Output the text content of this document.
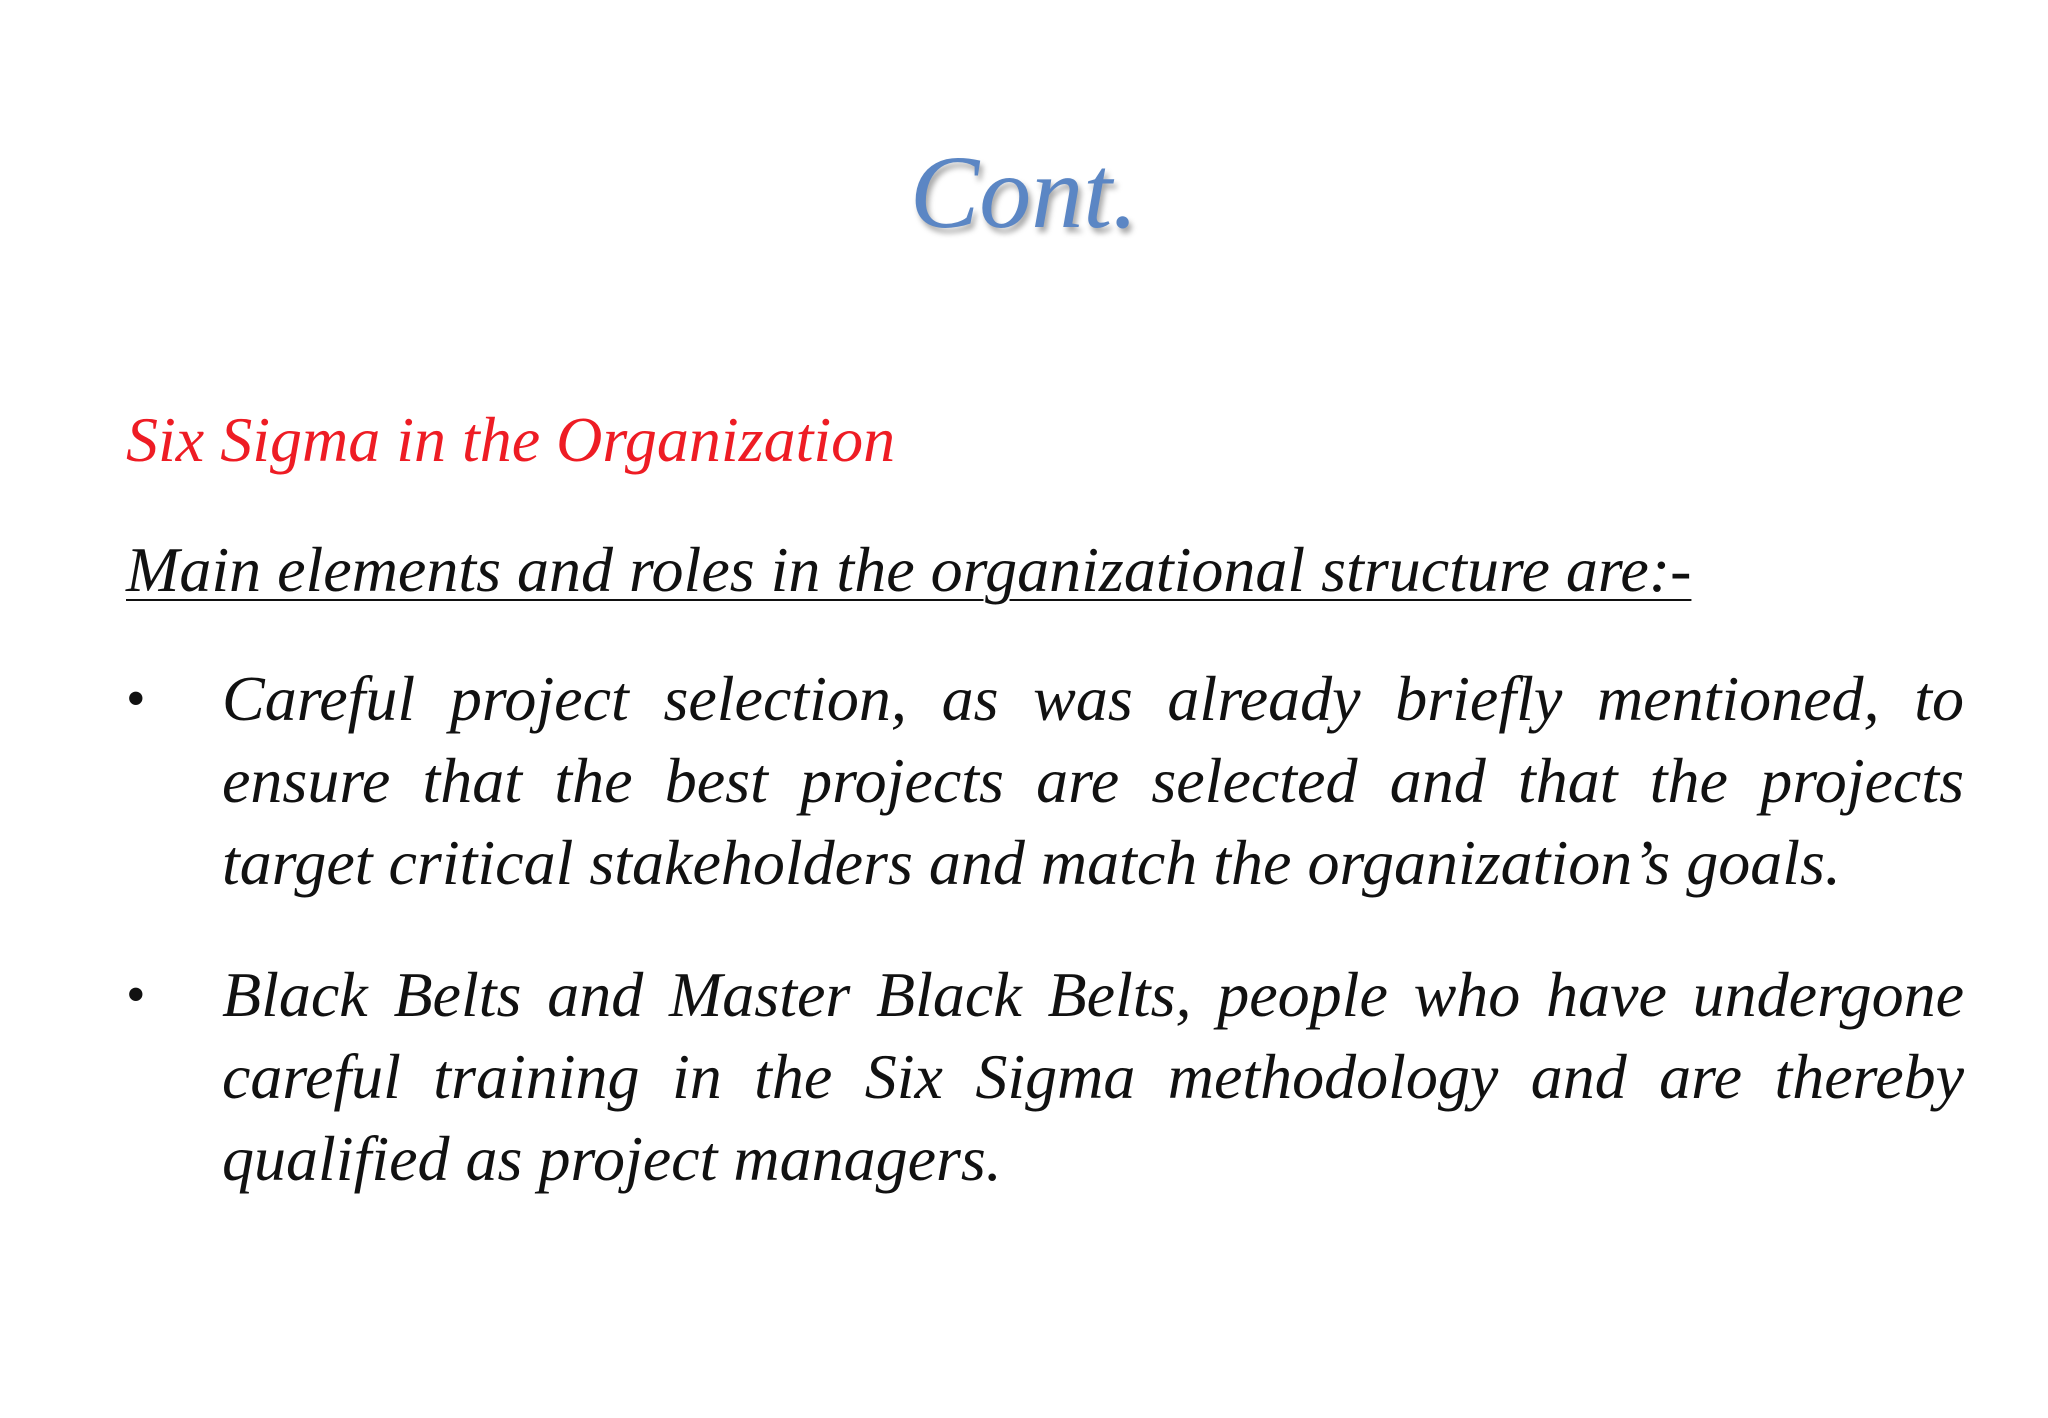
Cont.

Six Sigma in the Organization

Main elements and roles in the organizational structure are:-

• Careful project selection, as was already briefly mentioned, to ensure that the best projects are selected and that the projects target critical stakeholders and match the organization’s goals.
• Black Belts and Master Black Belts, people who have undergone careful training in the Six Sigma methodology and are thereby qualified as project managers.
